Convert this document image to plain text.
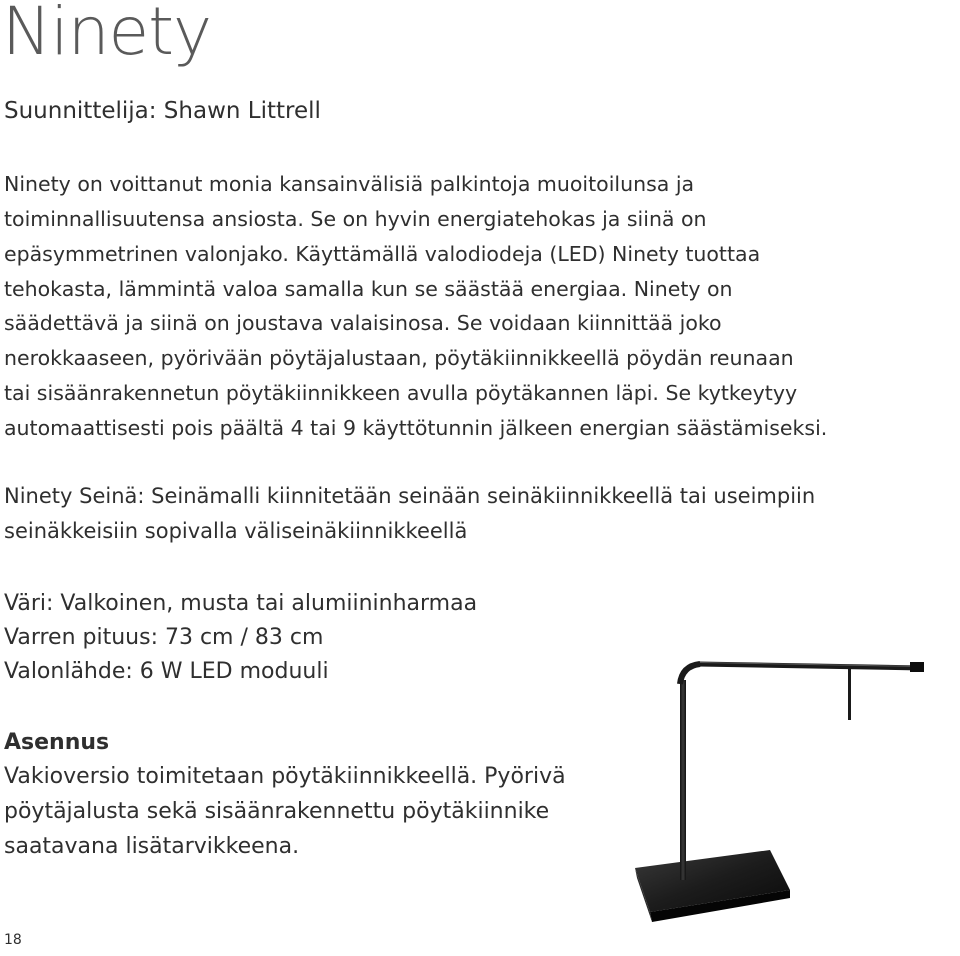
Ninety

Suunnittelija: Shawn Littrell

Ninety on voittanut monia kansainvälisiä palkintoja muoitoilunsa ja

toiminnallisuutensa ansiosta. Se on hyvin energiatehokas ja siinä on

epäsymmetrinen valonjako. Käyttämällä valodiodeja (LED) Ninety tuottaa

tehokasta, lämmintä valoa samalla kun se säästää energiaa. Ninety on

säädettävä ja siinä on joustava valaisinosa. Se voidaan kiinnittää joko

nerokkaaseen, pyörivään pöytäjalustaan, pöytäkiinnikkeellä pöydän reunaan

tai sisäänrakennetun pöytäkiinnikkeen avulla pöytäkannen läpi. Se kytkeytyy

automaattisesti pois päältä 4 tai 9 käyttötunnin jälkeen energian säästämiseksi.

Ninety Seinä: Seinämalli kiinnitetään seinään seinäkiinnikkeellä tai useimpiin

seinäkkeisiin sopivalla väliseinäkiinnikkeellä

Väri: Valkoinen, musta tai alumiininharmaa

Varren pituus: 73 cm / 83 cm

Valonlähde: 6 W LED moduuli

Asennus

Vakioversio toimitetaan pöytäkiinnikkeellä. Pyörivä

pöytäjalusta sekä sisäänrakennettu pöytäkiinnike

saatavana lisätarvikkeena.

18
